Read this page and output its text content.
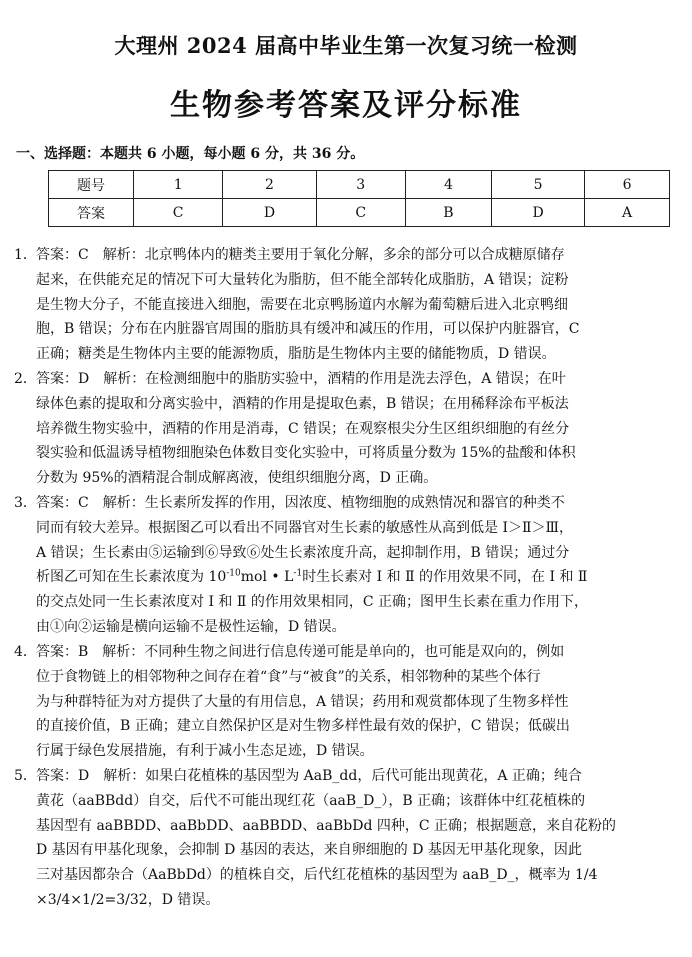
大理州 2024 届高中毕业生第一次复习统一检测
生物参考答案及评分标准
一、选择题：本题共 6 小题，每小题 6 分，共 36 分。
题号	1	2	3	4	5	6
答案	C	D	C	B	D	A
1．答案：C　解析：北京鸭体内的糖类主要用于氧化分解，多余的部分可以合成糖原储存
起来，在供能充足的情况下可大量转化为脂肪，但不能全部转化成脂肪，A 错误；淀粉
是生物大分子，不能直接进入细胞，需要在北京鸭肠道内水解为葡萄糖后进入北京鸭细
胞，B 错误；分布在内脏器官周围的脂肪具有缓冲和减压的作用，可以保护内脏器官，C
正确；糖类是生物体内主要的能源物质，脂肪是生物体内主要的储能物质，D 错误。
2．答案：D　解析：在检测细胞中的脂肪实验中，酒精的作用是洗去浮色，A 错误；在叶
绿体色素的提取和分离实验中，酒精的作用是提取色素，B 错误；在用稀释涂布平板法
培养微生物实验中，酒精的作用是消毒，C 错误；在观察根尖分生区组织细胞的有丝分
裂实验和低温诱导植物细胞染色体数目变化实验中，可将质量分数为 15%的盐酸和体积
分数为 95%的酒精混合制成解离液，使组织细胞分离，D 正确。
3．答案：C　解析：生长素所发挥的作用，因浓度、植物细胞的成熟情况和器官的种类不
同而有较大差异。根据图乙可以看出不同器官对生长素的敏感性从高到低是 Ⅰ＞Ⅱ＞Ⅲ，
A 错误；生长素由⑤运输到⑥导致⑥处生长素浓度升高，起抑制作用，B 错误；通过分
析图乙可知在生长素浓度为 $10^{-10}mol$ • $L^{-1}$时生长素对 Ⅰ 和 Ⅱ 的作用效果不同，在 Ⅰ 和 Ⅱ
的交点处同一生长素浓度对 Ⅰ 和 Ⅱ 的作用效果相同，C 正确；图甲生长素在重力作用下，
由①向②运输是横向运输不是极性运输，D 错误。
4．答案：B　解析：不同种生物之间进行信息传递可能是单向的，也可能是双向的，例如
位于食物链上的相邻物种之间存在着“食”与“被食”的关系，相邻物种的某些个体行
为与种群特征为对方提供了大量的有用信息，A 错误；药用和观赏都体现了生物多样性
的直接价值，B 正确；建立自然保护区是对生物多样性最有效的保护，C 错误；低碳出
行属于绿色发展措施，有利于减小生态足迹，D 错误。
5．答案：D　解析：如果白花植株的基因型为 AaB_dd，后代可能出现黄花，A 正确；纯合
黄花（aaBBdd）自交，后代不可能出现红花（aaB_D_），B 正确；该群体中红花植株的
基因型有 aaBBDD、aaBbDD、aaBBDD、aaBbDd 四种，C 正确；根据题意，来自花粉的
D 基因有甲基化现象，会抑制 D 基因的表达，来自卵细胞的 D 基因无甲基化现象，因此
三对基因都杂合（AaBbDd）的植株自交，后代红花植株的基因型为 aaB_D_，概率为 1/4
×3/4×1/2=3/32，D 错误。
